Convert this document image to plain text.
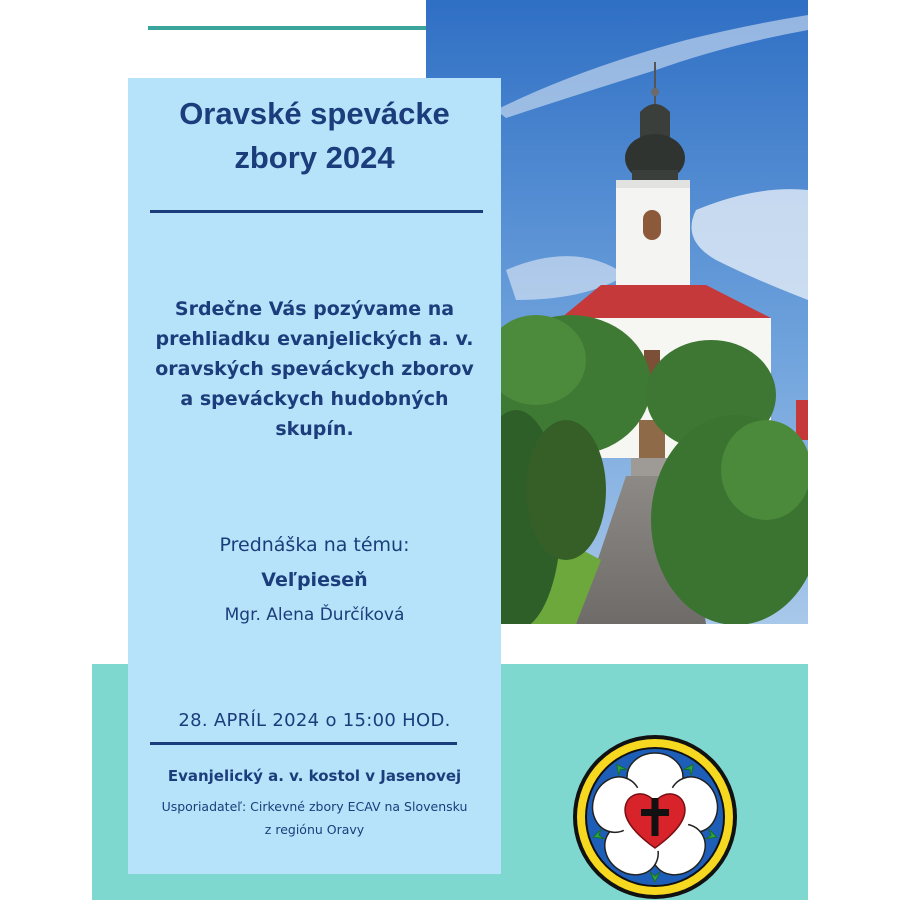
Oravské spevácke
zbory 2024

Srdečne Vás pozývame na
prehliadku evanjelických a. v.
oravských speváckych zborov
a speváckych hudobných
skupín.

Prednáška na tému:
Veľpieseň
Mgr. Alena Ďurčíková
28. APRÍL 2024 o 15:00 HOD.
Evanjelický a. v. kostol v Jasenovej
Usporiadateľ: Cirkevné zbory ECAV na Slovensku
z regiónu Oravy
